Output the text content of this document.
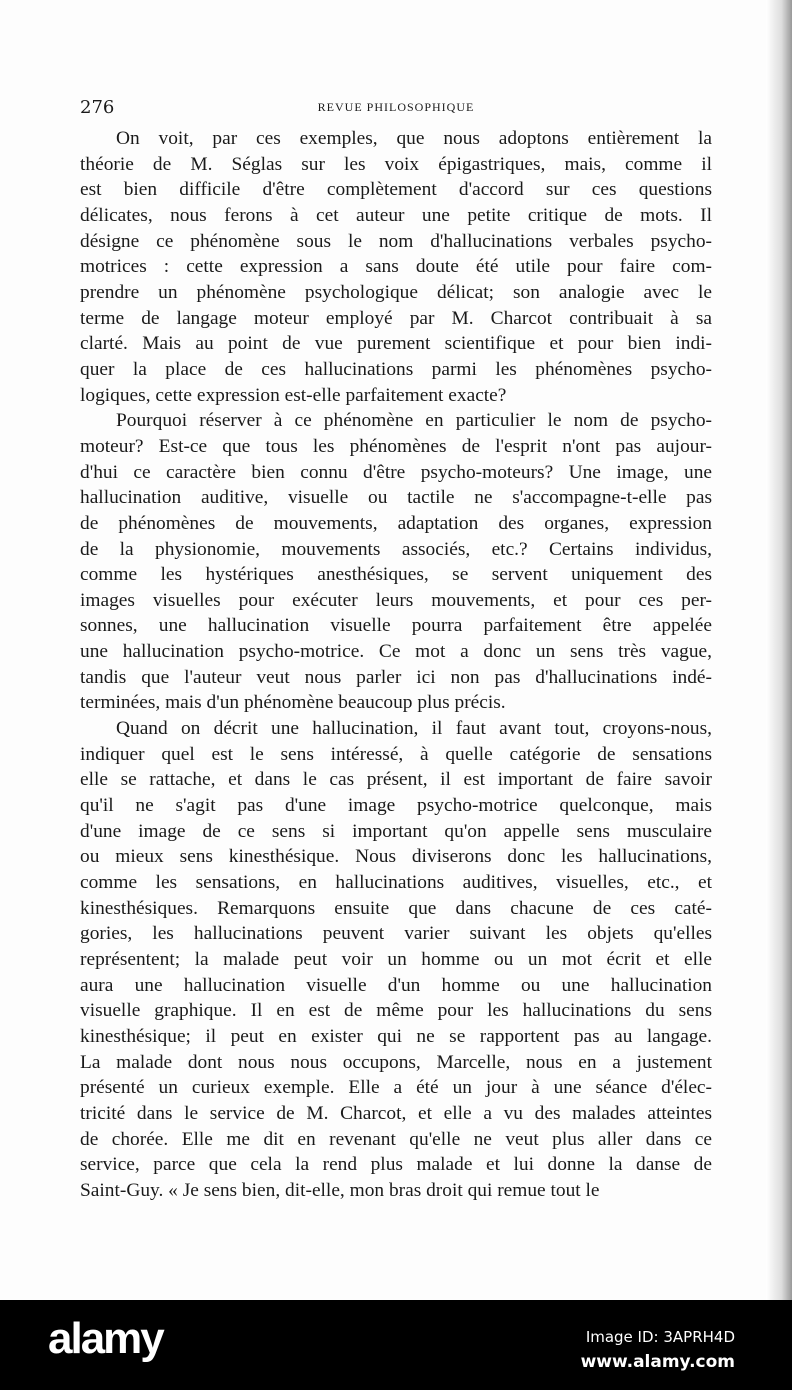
276	REVUE PHILOSOPHIQUE
On voit, par ces exemples, que nous adoptons entièrement la
théorie de M. Séglas sur les voix épigastriques, mais, comme il
est bien difficile d'être complètement d'accord sur ces questions
délicates, nous ferons à cet auteur une petite critique de mots. Il
désigne ce phénomène sous le nom d'hallucinations verbales psycho-
motrices : cette expression a sans doute été utile pour faire com-
prendre un phénomène psychologique délicat; son analogie avec le
terme de langage moteur employé par M. Charcot contribuait à sa
clarté. Mais au point de vue purement scientifique et pour bien indi-
quer la place de ces hallucinations parmi les phénomènes psycho-
logiques, cette expression est-elle parfaitement exacte?
Pourquoi réserver à ce phénomène en particulier le nom de psycho-
moteur? Est-ce que tous les phénomènes de l'esprit n'ont pas aujour-
d'hui ce caractère bien connu d'être psycho-moteurs? Une image, une
hallucination auditive, visuelle ou tactile ne s'accompagne-t-elle pas
de phénomènes de mouvements, adaptation des organes, expression
de la physionomie, mouvements associés, etc.? Certains individus,
comme les hystériques anesthésiques, se servent uniquement des
images visuelles pour exécuter leurs mouvements, et pour ces per-
sonnes, une hallucination visuelle pourra parfaitement être appelée
une hallucination psycho-motrice. Ce mot a donc un sens très vague,
tandis que l'auteur veut nous parler ici non pas d'hallucinations indé-
terminées, mais d'un phénomène beaucoup plus précis.
Quand on décrit une hallucination, il faut avant tout, croyons-nous,
indiquer quel est le sens intéressé, à quelle catégorie de sensations
elle se rattache, et dans le cas présent, il est important de faire savoir
qu'il ne s'agit pas d'une image psycho-motrice quelconque, mais
d'une image de ce sens si important qu'on appelle sens musculaire
ou mieux sens kinesthésique. Nous diviserons donc les hallucinations,
comme les sensations, en hallucinations auditives, visuelles, etc., et
kinesthésiques. Remarquons ensuite que dans chacune de ces caté-
gories, les hallucinations peuvent varier suivant les objets qu'elles
représentent; la malade peut voir un homme ou un mot écrit et elle
aura une hallucination visuelle d'un homme ou une hallucination
visuelle graphique. Il en est de même pour les hallucinations du sens
kinesthésique; il peut en exister qui ne se rapportent pas au langage.
La malade dont nous nous occupons, Marcelle, nous en a justement
présenté un curieux exemple. Elle a été un jour à une séance d'élec-
tricité dans le service de M. Charcot, et elle a vu des malades atteintes
de chorée. Elle me dit en revenant qu'elle ne veut plus aller dans ce
service, parce que cela la rend plus malade et lui donne la danse de
Saint-Guy. « Je sens bien, dit-elle, mon bras droit qui remue tout le
alamy	Image ID: 3APRH4D
www.alamy.com
